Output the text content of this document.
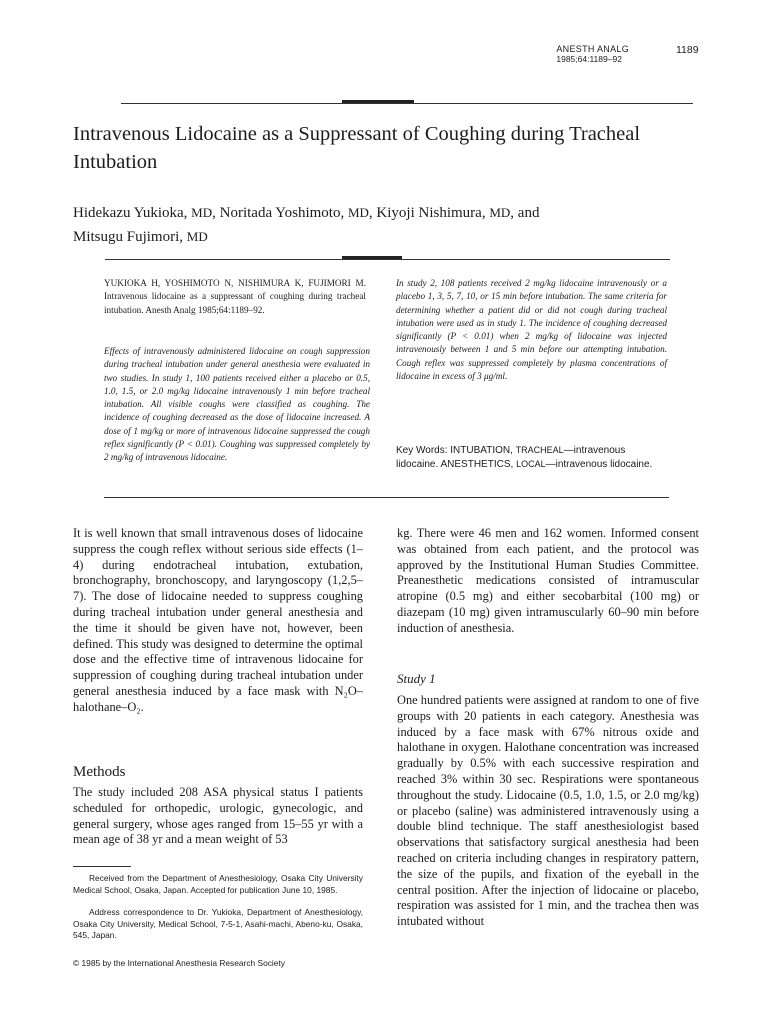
ANESTH ANALG
1985;64:1189–92
1189
Intravenous Lidocaine as a Suppressant of Coughing during Tracheal Intubation
Hidekazu Yukioka, MD, Noritada Yoshimoto, MD, Kiyoji Nishimura, MD, and
Mitsugu Fujimori, MD
YUKIOKA H, YOSHIMOTO N, NISHIMURA K, FUJIMORI M. Intravenous lidocaine as a suppressant of coughing during tracheal intubation. Anesth Analg 1985;64:1189–92.
Effects of intravenously administered lidocaine on cough suppression during tracheal intubation under general anesthesia were evaluated in two studies. In study 1, 100 patients received either a placebo or 0.5, 1.0, 1.5, or 2.0 mg/kg lidocaine intravenously 1 min before tracheal intubation. All visible coughs were classified as coughing. The incidence of coughing decreased as the dose of lidocaine increased. A dose of 1 mg/kg or more of intravenous lidocaine suppressed the cough reflex significantly (P < 0.01). Coughing was suppressed completely by 2 mg/kg of intravenous lidocaine.
In study 2, 108 patients received 2 mg/kg lidocaine intravenously or a placebo 1, 3, 5, 7, 10, or 15 min before intubation. The same criteria for determining whether a patient did or did not cough during tracheal intubation were used as in study 1. The incidence of coughing decreased significantly (P < 0.01) when 2 mg/kg of lidocaine was injected intravenously between 1 and 5 min before our attempting intubation. Cough reflex was suppressed completely by plasma concentrations of lidocaine in excess of 3 μg/ml.
Key Words: INTUBATION, TRACHEAL—intravenous lidocaine. ANESTHETICS, LOCAL—intravenous lidocaine.
It is well known that small intravenous doses of lidocaine suppress the cough reflex without serious side effects (1–4) during endotracheal intubation, extubation, bronchography, bronchoscopy, and laryngoscopy (1,2,5–7). The dose of lidocaine needed to suppress coughing during tracheal intubation under general anesthesia and the time it should be given have not, however, been defined. This study was designed to determine the optimal dose and the effective time of intravenous lidocaine for suppression of coughing during tracheal intubation under general anesthesia induced by a face mask with N₂O–halothane–O₂.
Methods
The study included 208 ASA physical status I patients scheduled for orthopedic, urologic, gynecologic, and general surgery, whose ages ranged from 15–55 yr with a mean age of 38 yr and a mean weight of 53
kg. There were 46 men and 162 women. Informed consent was obtained from each patient, and the protocol was approved by the Institutional Human Studies Committee. Preanesthetic medications consisted of intramuscular atropine (0.5 mg) and either secobarbital (100 mg) or diazepam (10 mg) given intramuscularly 60–90 min before induction of anesthesia.
Study 1
One hundred patients were assigned at random to one of five groups with 20 patients in each category. Anesthesia was induced by a face mask with 67% nitrous oxide and halothane in oxygen. Halothane concentration was increased gradually by 0.5% with each successive respiration and reached 3% within 30 sec. Respirations were spontaneous throughout the study. Lidocaine (0.5, 1.0, 1.5, or 2.0 mg/kg) or placebo (saline) was administered intravenously using a double blind technique. The staff anesthesiologist based observations that satisfactory surgical anesthesia had been reached on criteria including changes in respiratory pattern, the size of the pupils, and fixation of the eyeball in the central position. After the injection of lidocaine or placebo, respiration was assisted for 1 min, and the trachea then was intubated without
Received from the Department of Anesthesiology, Osaka City University Medical School, Osaka, Japan. Accepted for publication June 10, 1985.
Address correspondence to Dr. Yukioka, Department of Anesthesiology, Osaka City University, Medical School, 7-5-1, Asahi-machi, Abeno-ku, Osaka, 545, Japan.
© 1985 by the International Anesthesia Research Society
